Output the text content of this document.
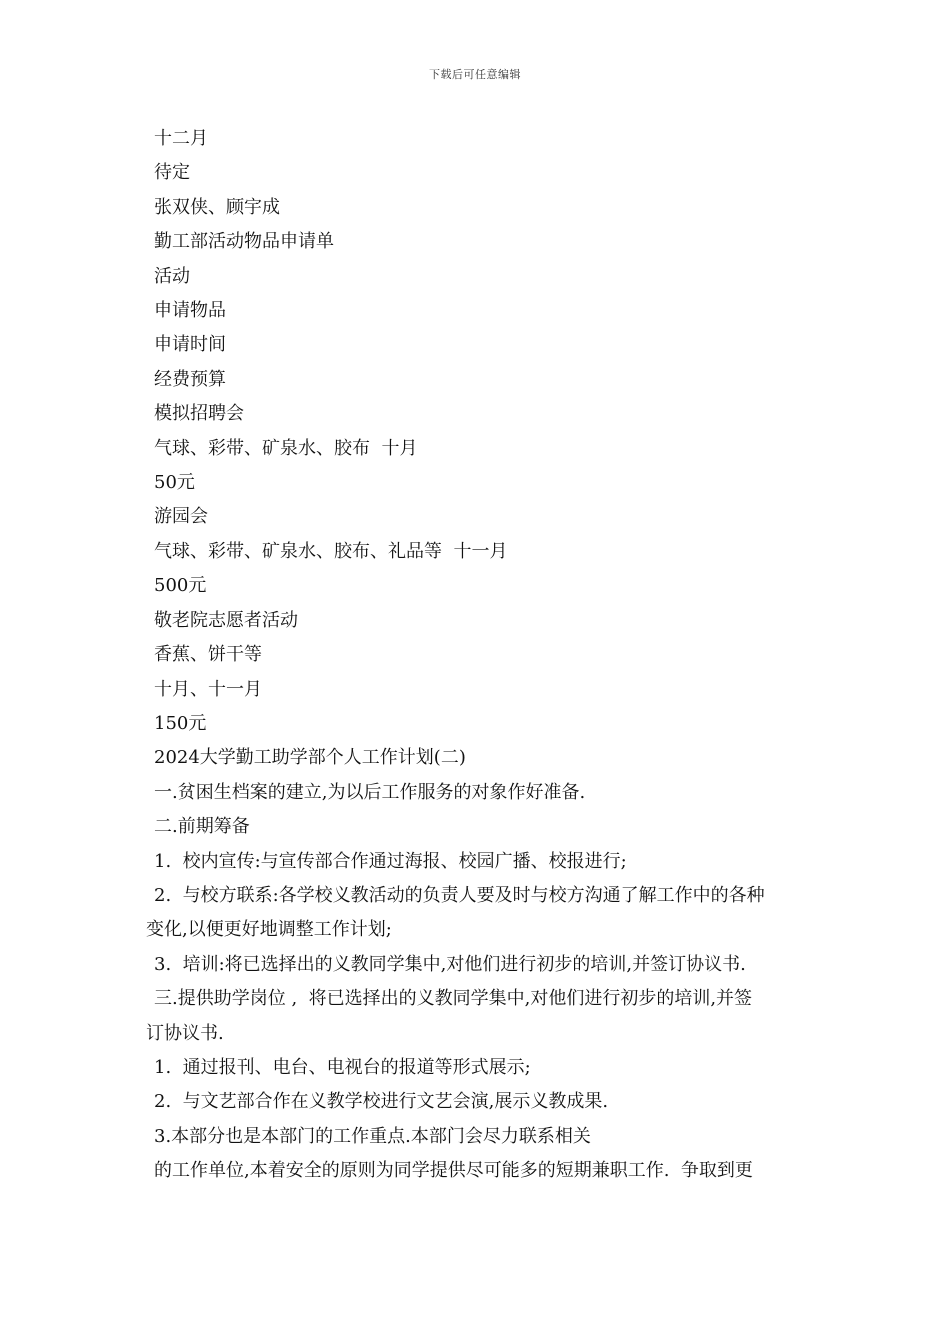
下载后可任意编辑

十二月

待定

张双侠、顾宇成

勤工部活动物品申请单

活动

申请物品

申请时间

经费预算

模拟招聘会

气球、彩带、矿泉水、胶布  十月

50元

游园会

气球、彩带、矿泉水、胶布、礼品等  十一月

500元

敬老院志愿者活动

香蕉、饼干等

十月、十一月

150元

2024大学勤工助学部个人工作计划(二)

一.贫困生档案的建立,为以后工作服务的对象作好准备.

二.前期筹备

1.  校内宣传:与宣传部合作通过海报、校园广播、校报进行;

2.  与校方联系:各学校义教活动的负责人要及时与校方沟通了解工作中的各种

变化,以便更好地调整工作计划;

3.  培训:将已选择出的义教同学集中,对他们进行初步的培训,并签订协议书.

三.提供助学岗位 ,  将已选择出的义教同学集中,对他们进行初步的培训,并签

订协议书.

1.  通过报刊、电台、电视台的报道等形式展示;

2.  与文艺部合作在义教学校进行文艺会演,展示义教成果.

3.本部分也是本部门的工作重点.本部门会尽力联系相关

的工作单位,本着安全的原则为同学提供尽可能多的短期兼职工作.  争取到更
